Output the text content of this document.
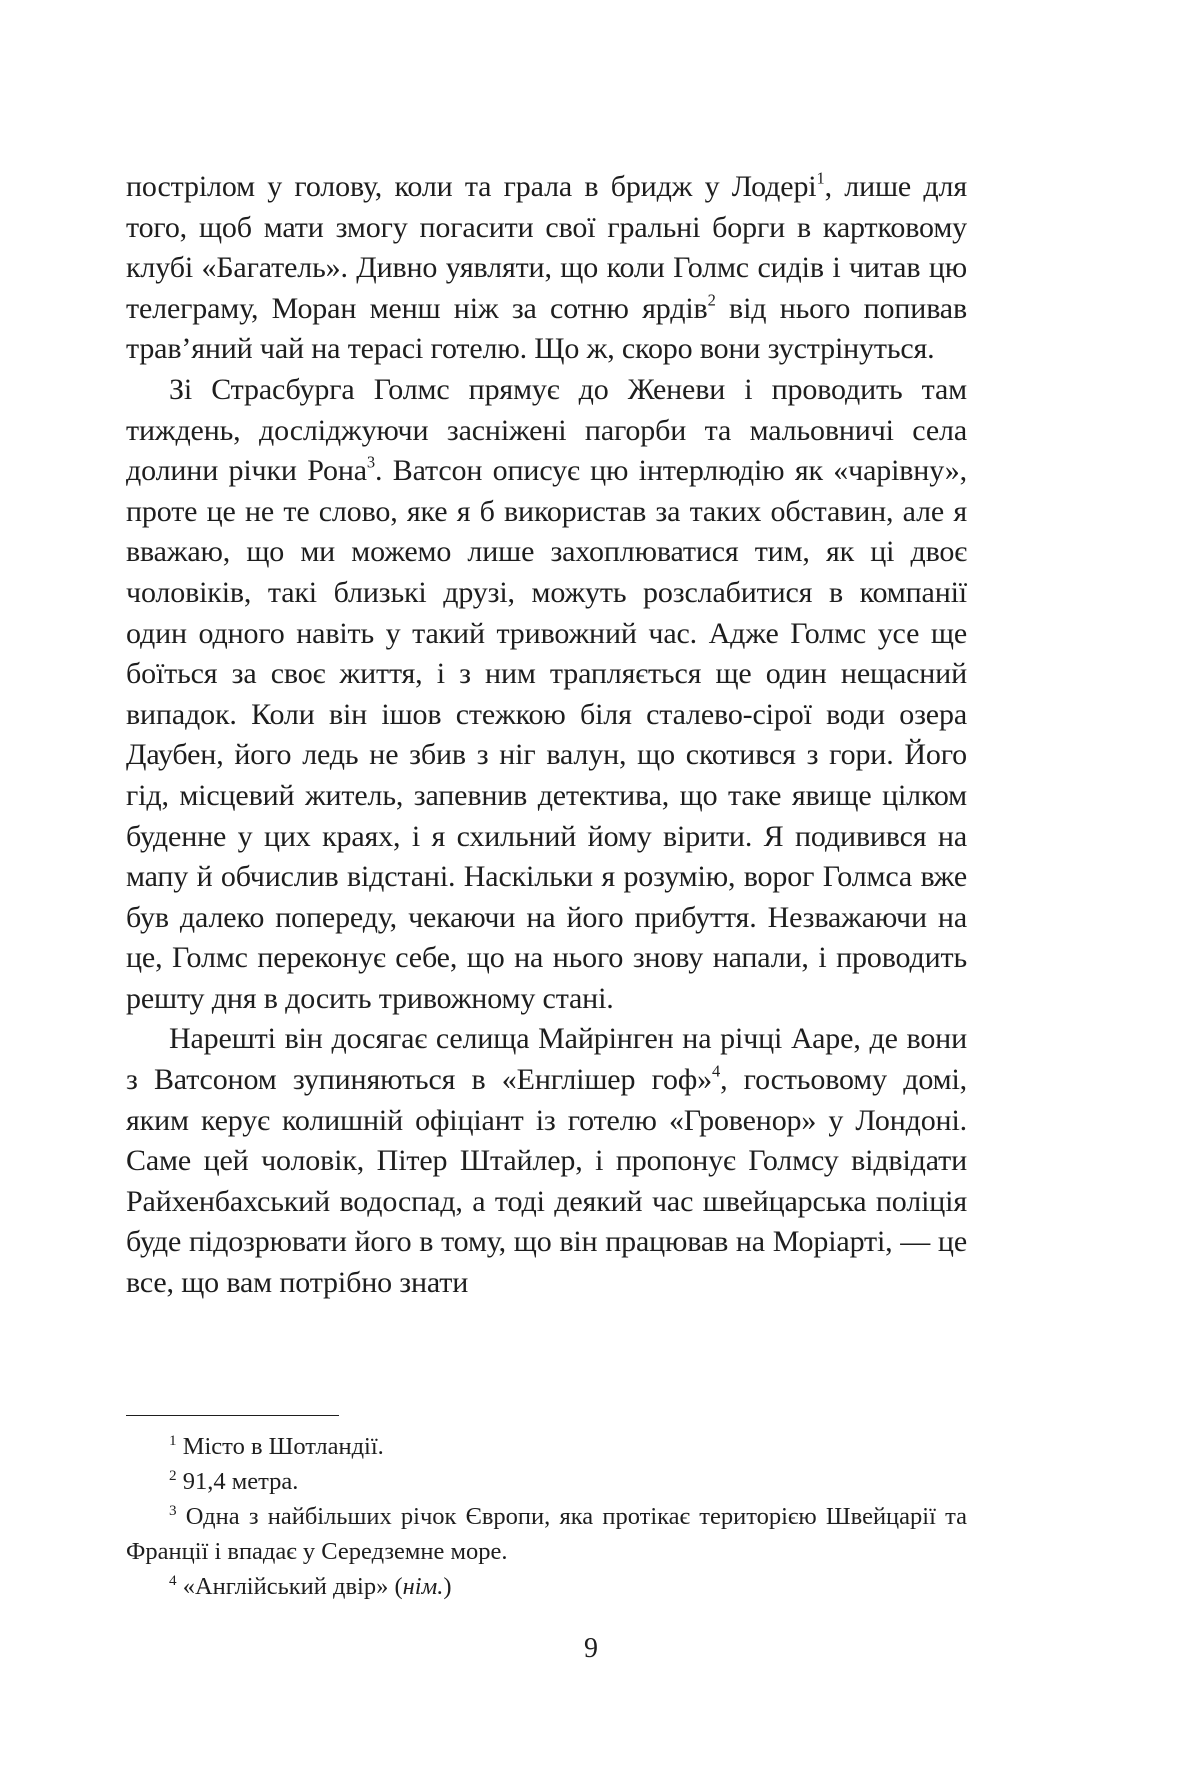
пострілом у голову, коли та грала в бридж у Лодері$^1$, лише для того, щоб мати змогу погасити свої гральні борги в картковому клубі «Багатель». Дивно уявляти, що коли Голмс сидів і читав цю телеграму, Моран менш ніж за сотню ярдів$^2$ від нього попивав трав’яний чай на терасі готелю. Що ж, скоро вони зустрінуться.

Зі Страсбурга Голмс прямує до Женеви і проводить там тиждень, досліджуючи засніжені пагорби та мальовничі села долини річки Рона$^3$. Ватсон описує цю інтерлюдію як «чарівну», проте це не те слово, яке я б використав за таких обставин, але я вважаю, що ми можемо лише захоплюватися тим, як ці двоє чоловіків, такі близькі друзі, можуть розслабитися в компанії один одного навіть у такий тривожний час. Адже Голмс усе ще боїться за своє життя, і з ним трапляється ще один нещасний випадок. Коли він ішов стежкою біля сталево-сірої води озера Даубен, його ледь не збив з ніг валун, що скотився з гори. Його гід, місцевий житель, запевнив детектива, що таке явище цілком буденне у цих краях, і я схильний йому вірити. Я подивився на мапу й обчислив відстані. Наскільки я розумію, ворог Голмса вже був далеко попереду, чекаючи на його прибуття. Незважаючи на це, Голмс переконує себе, що на нього знову напали, і проводить решту дня в досить тривожному стані.

Нарешті він досягає селища Майрінген на річці Ааре, де вони з Ватсоном зупиняються в «Енглішер гоф»$^4$, гостьовому домі, яким керує колишній офіціант із готелю «Гровенор» у Лондоні. Саме цей чоловік, Пітер Штайлер, і пропонує Голмсу відвідати Райхенбахський водоспад, а тоді деякий час швейцарська поліція буде підозрювати його в тому, що він працював на Моріарті, — це все, що вам потрібно знати

$^1$ Місто в Шотландії.

$^2$ 91,4 метра.

$^3$ Одна з найбільших річок Європи, яка протікає територією Швейцарії та Франції і впадає у Середземне море.

$^4$ «Англійський двір» (нім.)

9
